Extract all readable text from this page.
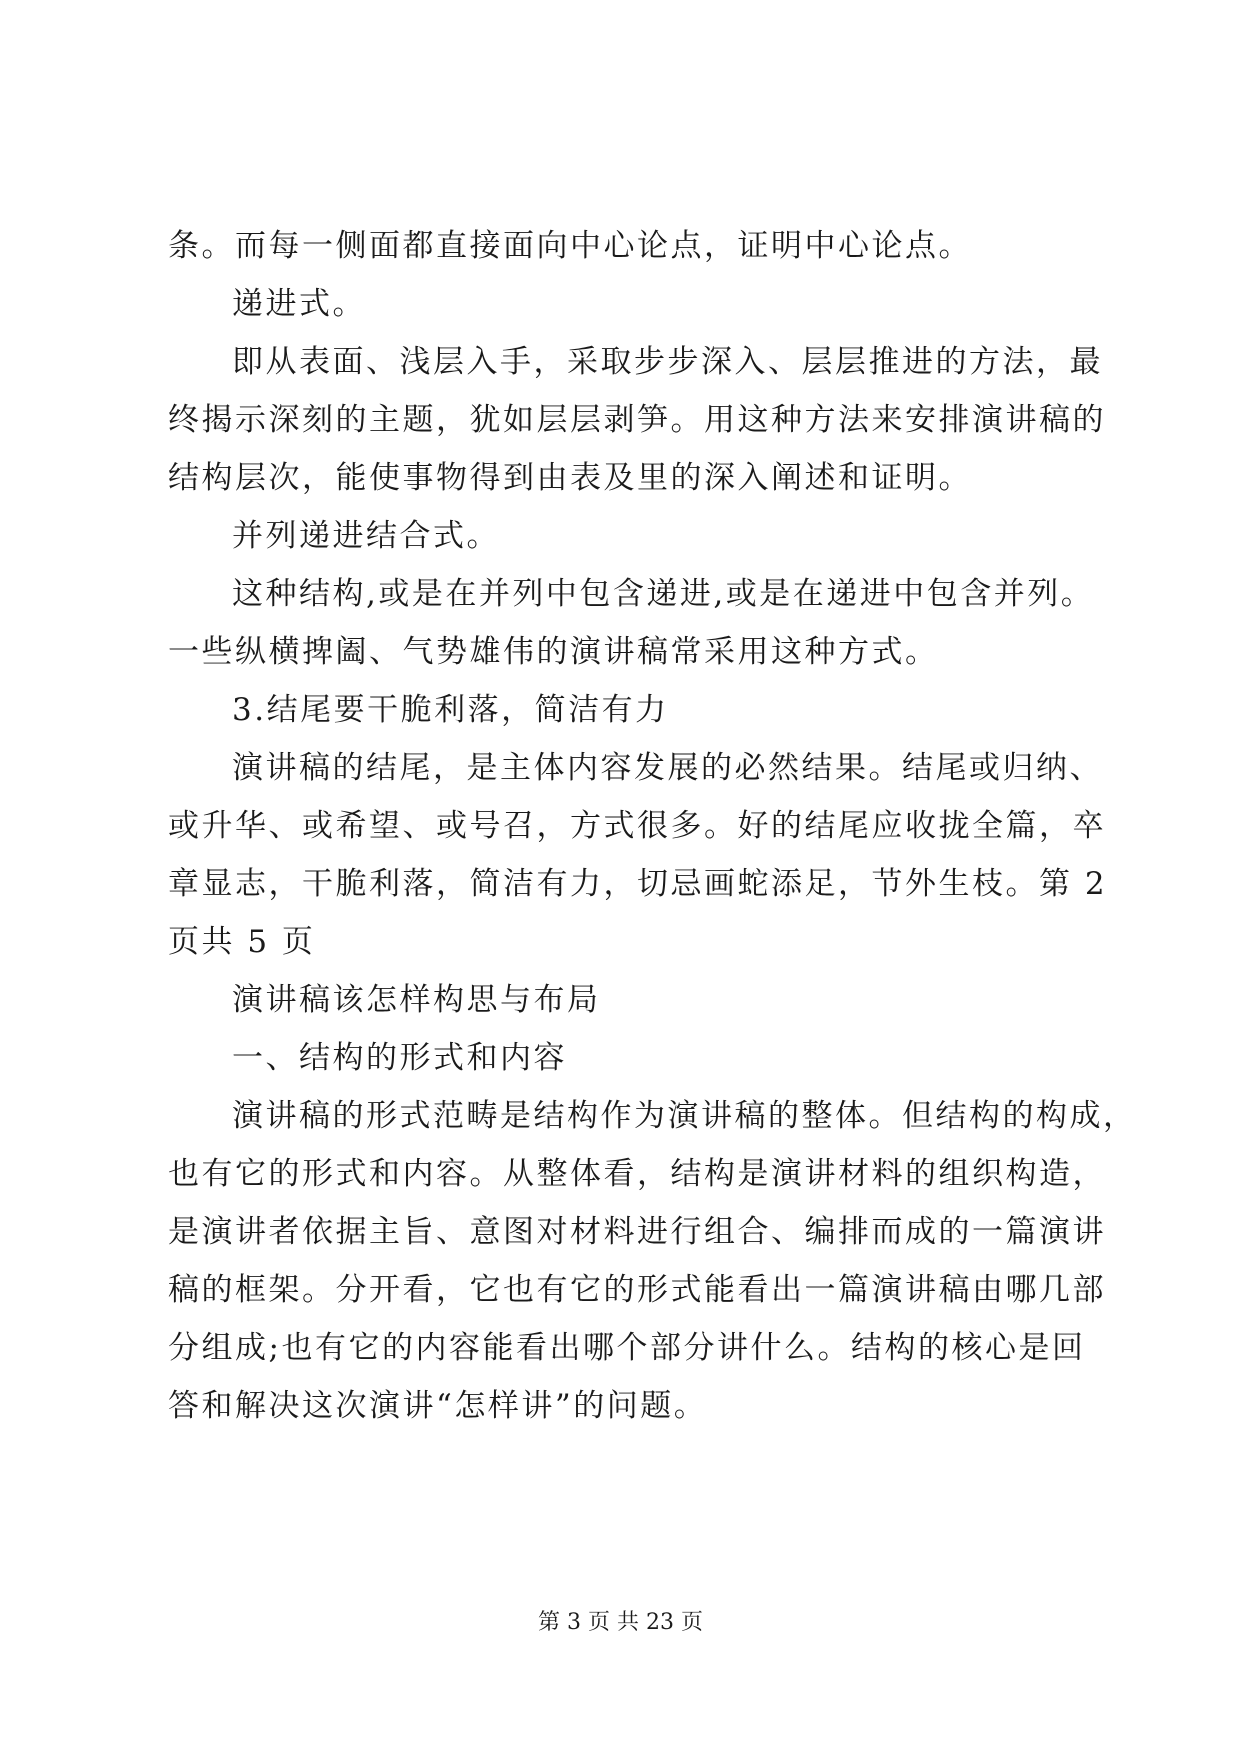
条。而每一侧面都直接面向中心论点，证明中心论点。
递进式。
即从表面、浅层入手，采取步步深入、层层推进的方法，最
终揭示深刻的主题，犹如层层剥笋。用这种方法来安排演讲稿的
结构层次，能使事物得到由表及里的深入阐述和证明。
并列递进结合式。
这种结构,或是在并列中包含递进,或是在递进中包含并列。
一些纵横捭阖、气势雄伟的演讲稿常采用这种方式。
3.结尾要干脆利落，简洁有力
演讲稿的结尾，是主体内容发展的必然结果。结尾或归纳、
或升华、或希望、或号召，方式很多。好的结尾应收拢全篇，卒
章显志，干脆利落，简洁有力，切忌画蛇添足，节外生枝。第 2
页共 5 页
演讲稿该怎样构思与布局
一、结构的形式和内容
演讲稿的形式范畴是结构作为演讲稿的整体。但结构的构成，
也有它的形式和内容。从整体看，结构是演讲材料的组织构造，
是演讲者依据主旨、意图对材料进行组合、编排而成的一篇演讲
稿的框架。分开看，它也有它的形式能看出一篇演讲稿由哪几部
分组成;也有它的内容能看出哪个部分讲什么。结构的核心是回
答和解决这次演讲“怎样讲”的问题。
第 3 页 共 23 页
